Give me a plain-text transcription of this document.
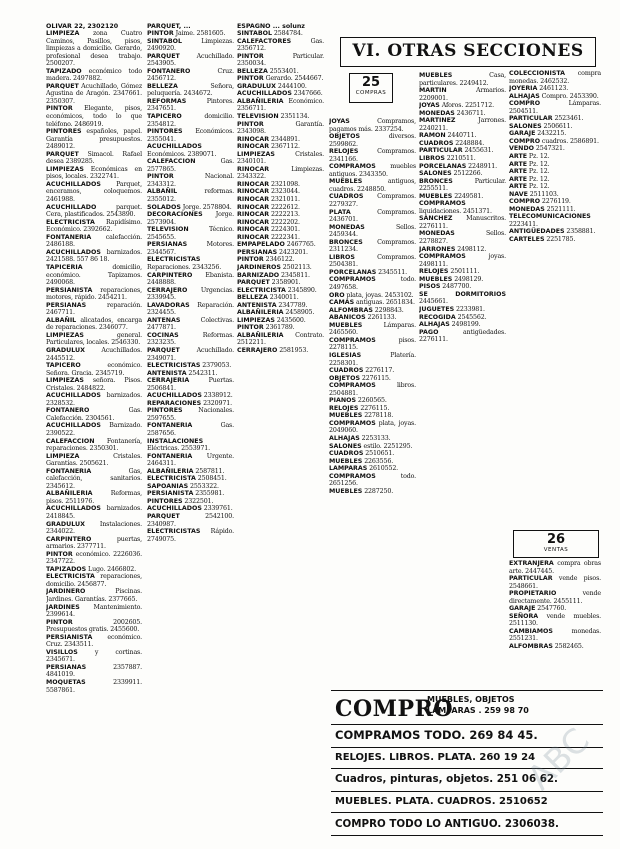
OLIVAR 22, 2302120	PARQUET, ...	ESPAGNO ... solunz

LIMPIEZA zona Cuatro Caminos, Pasillos, pisos, limpiezas a domicilio. Gerardo, profesional desea trabajo. 2500207.

TAPIZADO económico todo madera. 2497882.

PARQUET Acuchillado, Gómez Agustina de Aragón. 2347661. 2350307.

PINTOR Elegante, pisos, económicos, todo lo que teléfono. 2486919.

PINTORES españoles, papel. Garantía presupuestos. 2489012.

PARQUET Simacol. Rafael desea 2389285.

LIMPIEZAS Económicas en pisos, locales. 2322741.

ACUCHILLADOS Parquet, enceramos, coloquemos. 2461988.

ACUCHILLADO parquet. Cera, plastificados. 2543890.

ELECTRICISTA Rapidísimo. Económico. 2392662.

FONTANERIA calefacción. 2486188.

ACUCHILLADOS barnizados. 2421588. 557 86 18.

TAPICERIA domicilio, económico. Tapizamos. 2490068.

PERSIANISTA reparaciones, motores, rápido. 2454211.

PERSIANAS reparación. 2467711.

ALBAÑIL alicatados, encarga de reparaciones. 2346077.

LIMPIEZAS general. Particulares, locales. 2546330.

GRADULUX Acuchillados. 2445512.

TAPICERO económico. Señora. Gracia. 2345719.

LIMPIEZAS señora. Pisos. Cristales. 2484822.

ACUCHILLADOS barnizados. 2328532.

FONTANERO Gas. Calefacción. 2304561.

ACUCHILLADOS Barnizado. 2390522.

CALEFACCION Fontanería, reparaciones. 2350301.

LIMPIEZA Cristales. Garantías. 2505621.

FONTANERIA Gas, calefacción, sanitarios. 2345612.

ALBAÑILERIA Reformas, pisos. 2511976.

ACUCHILLADOS barnizados. 2418845.

GRADULUX Instalaciones. 2344022.

CARPINTERO puertas, armarios. 2377711.

PINTOR económico. 2226036. 2347722.

TAPIZADOS Lugo. 2466802.

ELECTRICISTA reparaciones, domicilio. 2456877.

JARDINERO Piscinas. Jardines. Garantías. 2377665.

JARDINES Mantenimiento. 2399614.

PINTOR 2002605. Presupuestos gratis. 2455600.

PERSIANISTA económico. Cruz. 2343511.

VISILLOS y cortinas. 2345671.

PERSIANAS 2357887. 4841019.

MOQUETAS 2339911. 5587861.

PINTOR Jaime. 2581605.

SINTABOL Limpiezas. 2490920.

PARQUET Acuchillado. 2543905.

FONTANERO Cruz. 2456712.

BELLEZA Señora, peluquería. 2434672.

REFORMAS Pintores. 2347651.

TAPICERO domicilio. 2354812.

PINTORES Económicos. 2355041.

ACUCHILLADOS Económicos. 2389071.

CALEFACCION Gas. 2577865.

PINTOR Nacional. 2343312.

ALBAÑIL reformas. 2355012.

SOLADOS Jorge. 2578804.

DECORACIONES Jorge. 2573904.

TELEVISION Técnico. 2545655.

PERSIANAS Motores. 2344567.

ELECTRICISTAS Reparaciones. 2343256.

CARPINTERO Ebanista. 2448888.

CERRAJERO Urgencias. 2339945.

LAVADORAS Reparación. 2324455.

ANTENAS Colectivas. 2477871.

COCINAS Reformas. 2323235.

PARQUET Acuchillado. 2349071.

ELECTRICISTAS 2379053.

ANTENISTA 2542311.

CERRAJERIA Puertas. 2506841.

ACUCHILLADOS 2338912.

REPARACIONES 2320971.

PINTORES Nacionales. 2597655.

FONTANERIA Gas. 2587656.

INSTALACIONES Eléctricas. 2553971.

FONTANERIA Urgente. 2464311.

ALBAÑILERIA 2587811.

ELECTRICISTA 2508451.

SAPOANIAS 2553322.

PERSIANISTA 2355981.

PINTORES 2322501.

ACUCHILLADOS 2339761.

PARQUET 2542100. 2340987.

ELECTRICISTAS Rápido. 2749075.

SINTABOL 2584784.

CALEFACTORES Gas. 2356712.

PINTOR Particular. 2350034.

BELLEZA 2553401.

PINTOR Gerardo. 2544667.

GRADULUX 2444100.

ACUCHILLADOS 2347666.

ALBAÑILERIA Económico. 2356711.

TELEVISION 2351134.

PINTOR Garantía. 2343098.

RINOCAR 2344891.

RINOCAR 2367112.

LIMPIEZAS Cristales. 2340101.

RINOCAR Limpiezas. 2343322.

RINOCAR 2321098.

RINOCAR 2323044.

RINOCAR 2321011.

RINOCAR 2222612.

RINOCAR 2222213.

RINOCAR 2222202.

RINOCAR 2224301.

RINOCAR 2222341.

EMPAPELADO 2467765.

PERSIANAS 2423201.

PINTOR 2346122.

JARDINEROS 2502113.

BARNIZADO 2345811.

PARQUET 2358901.

ELECTRICISTA 2345890.

BELLEZA 2340011.

ANTENISTA 2347789.

ALBAÑILERIA 2458905.

LIMPIEZAS 2435600.

PINTOR 2361789.

ALBAÑILERIA Contrato. 2512211.

CERRAJERO 2581953.

VI. OTRAS SECCIONES
25
COMPRAS

JOYAS Compramos, pagamos más. 2337254.

OBJETOS diversos. 2599862.

RELOJES Compramos. 2341166.

COMPRAMOS muebles antiguos. 2343350.

MUEBLES antiguos, cuadros. 2248850.

CUADROS Compramos. 2279327.

PLATA Compramos. 2436701.

MONEDAS Sellos. 2459344.

BRONCES Compramos. 2311234.

LIBROS Compramos. 2504381.

PORCELANAS 2345511.

COMPRAMOS todo. 2497658.

ORO plata, joyas. 2453102.

CAMAS antiguas. 2651834.

ALFOMBRAS 2298843.

ABANICOS 2261133.

MUEBLES Lámparas. 2465560.

COMPRAMOS pisos. 2278115.

IGLESIAS Platería. 2258301.

CUADROS 2276117.

OBJETOS 2276115.

COMPRAMOS libros. 2504881.

PIANOS 2260565.

RELOJES 2276115.

MUEBLES 2278118.

COMPRAMOS plata, joyas. 2049060.

ALHAJAS 2253133.

SALONES estilo. 2251295.

CUADROS 2510651.

MUEBLES 2263556.

LAMPARAS 2610552.

COMPRAMOS todo. 2651256.

MUEBLES 2287250.

MUEBLES Casa, particulares. 2249412.

MARTIN Armarios. 2209001.

JOYAS Aforos. 2251712.

MONEDAS 2436711.

MARTINEZ Jarrones. 2240211.

RAMON 2440711.

CUADROS 2248884.

PARTICULAR 2455631.

LIBROS 2210511.

PORCELANAS 2248911.

SALONES 2512266.

BRONCES Particular. 2255511.

MUEBLES 2249581.

COMPRAMOS liquidaciones. 2451371.

SANCHEZ Manuscritos. 2276111.

MONEDAS Sellos. 2278827.

JARRONES 2498112.

COMPRAMOS joyas. 2498111.

RELOJES 2501111.

MUEBLES 2498129.

PISOS 2487700.

SE DORMITORIOS 2445661.

JUGUETES 2233981.

RECOGIDA 2545562.

ALHAJAS 2498199.

PAGO antigüedades. 2276111.

COLECCIONISTA compra monedas. 2462532.

JOYERIA 2461123.

ALHAJAS Compro. 2453390.

COMPRO Lámparas. 2504511.

PARTICULAR 2523461.

SALONES 2506611.

GARAJE 2432215.

COMPRO cuadros. 2586891.

VENDO 2547321.

ARTE Pz. 12.

ARTE Pz. 12.

ARTE Pz. 12.

ARTE Pz. 12.

ARTE Pz. 12.

NAVE 2511103.

COMPRO 2276119.

MONEDAS 2521111.

TELECOMUNICACIONES 2223411.

ANTIGÜEDADES 2358881.

CARTELES 2251785.

26
VENTAS

EXTRANJERA compra obras arte. 2447445.

PARTICULAR vende pisos. 2548661.

PROPIETARIO vende directamente. 2455111.

GARAJE 2547760.

SEÑORA vende muebles. 2511130.

CAMBIAMOS monedas. 2551231.

ALFOMBRAS 2582465.

COMPRO
MUEBLES, OBJETOS
LAMPARAS . 259 98 70
COMPRAMOS TODO. 269 84 45.
RELOJES. LIBROS. PLATA. 260 19 24
Cuadros, pinturas, objetos. 251 06 62.
MUEBLES. PLATA. CUADROS. 2510652
COMPRO TODO LO ANTIGUO. 2306038.
ABC
